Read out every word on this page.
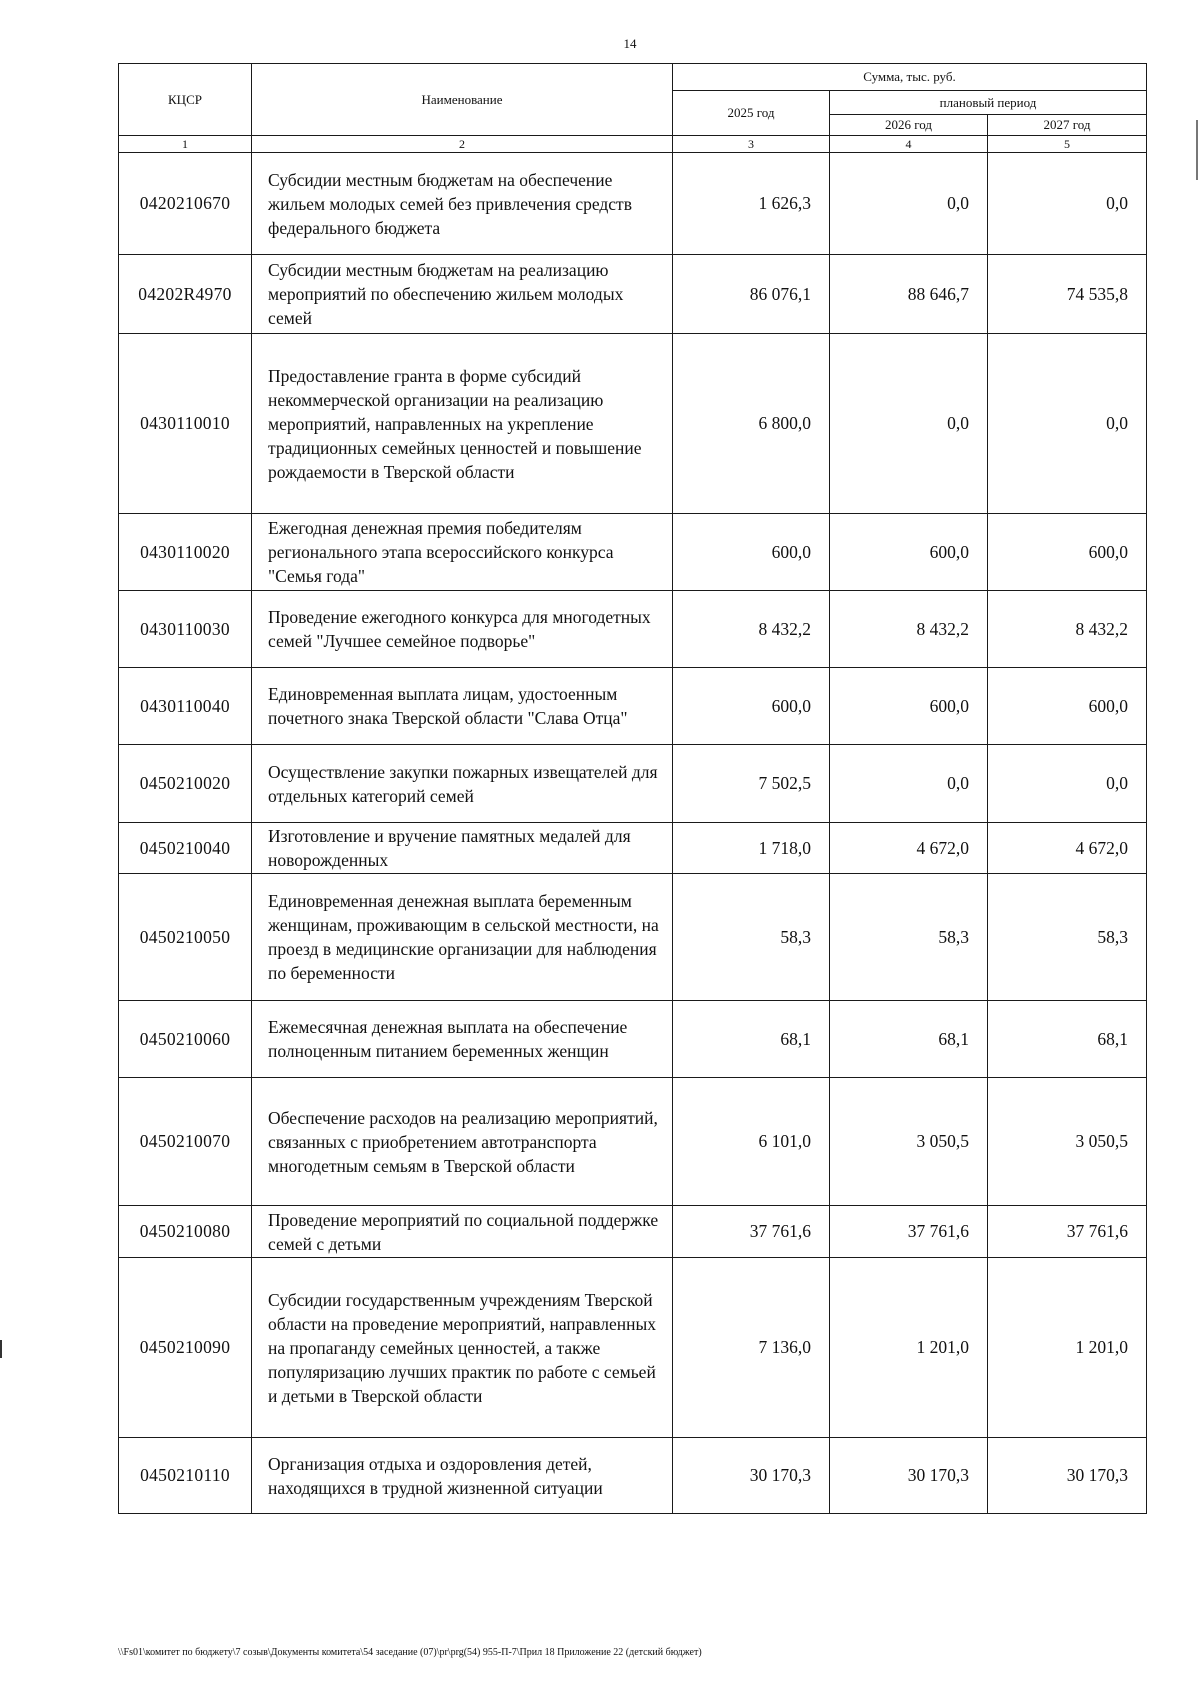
14
КЦСР	Наименование	Сумма, тыс. руб.		
		2025 год	плановый период	
			2026 год	2027 год
1	2	3	4	5
0420210670	Субсидии местным бюджетам на обеспечение жильем молодых семей без привлечения средств федерального бюджета	1 626,3	0,0	0,0
04202R4970	Субсидии местным бюджетам на реализацию мероприятий по обеспечению жильем молодых семей	86 076,1	88 646,7	74 535,8
0430110010	Предоставление гранта в форме субсидий некоммерческой организации на реализацию мероприятий, направленных на укрепление традиционных семейных ценностей и повышение рождаемости в Тверской области	6 800,0	0,0	0,0
0430110020	Ежегодная денежная премия победителям регионального этапа всероссийского конкурса "Семья года"	600,0	600,0	600,0
0430110030	Проведение ежегодного конкурса для многодетных семей "Лучшее семейное подворье"	8 432,2	8 432,2	8 432,2
0430110040	Единовременная выплата лицам, удостоенным почетного знака Тверской области "Слава Отца"	600,0	600,0	600,0
0450210020	Осуществление закупки пожарных извещателей для отдельных категорий семей	7 502,5	0,0	0,0
0450210040	Изготовление и вручение памятных медалей для новорожденных	1 718,0	4 672,0	4 672,0
0450210050	Единовременная денежная выплата беременным женщинам, проживающим в сельской местности, на проезд в медицинские организации для наблюдения по беременности	58,3	58,3	58,3
0450210060	Ежемесячная денежная выплата на обеспечение полноценным питанием беременных женщин	68,1	68,1	68,1
0450210070	Обеспечение расходов на реализацию мероприятий, связанных с приобретением автотранспорта многодетным семьям в Тверской области	6 101,0	3 050,5	3 050,5
0450210080	Проведение мероприятий по социальной поддержке семей с детьми	37 761,6	37 761,6	37 761,6
0450210090	Субсидии государственным учреждениям Тверской области на проведение мероприятий, направленных на пропаганду семейных ценностей, а также популяризацию лучших практик по работе с семьей и детьми в Тверской области	7 136,0	1 201,0	1 201,0
0450210110	Организация отдыха и оздоровления детей, находящихся в трудной жизненной ситуации	30 170,3	30 170,3	30 170,3
\\Fs01\комитет по бюджету\7 созыв\Документы комитета\54 заседание (07)\pr\prg(54) 955-П-7\Прил 18 Приложение 22 (детский бюджет)
